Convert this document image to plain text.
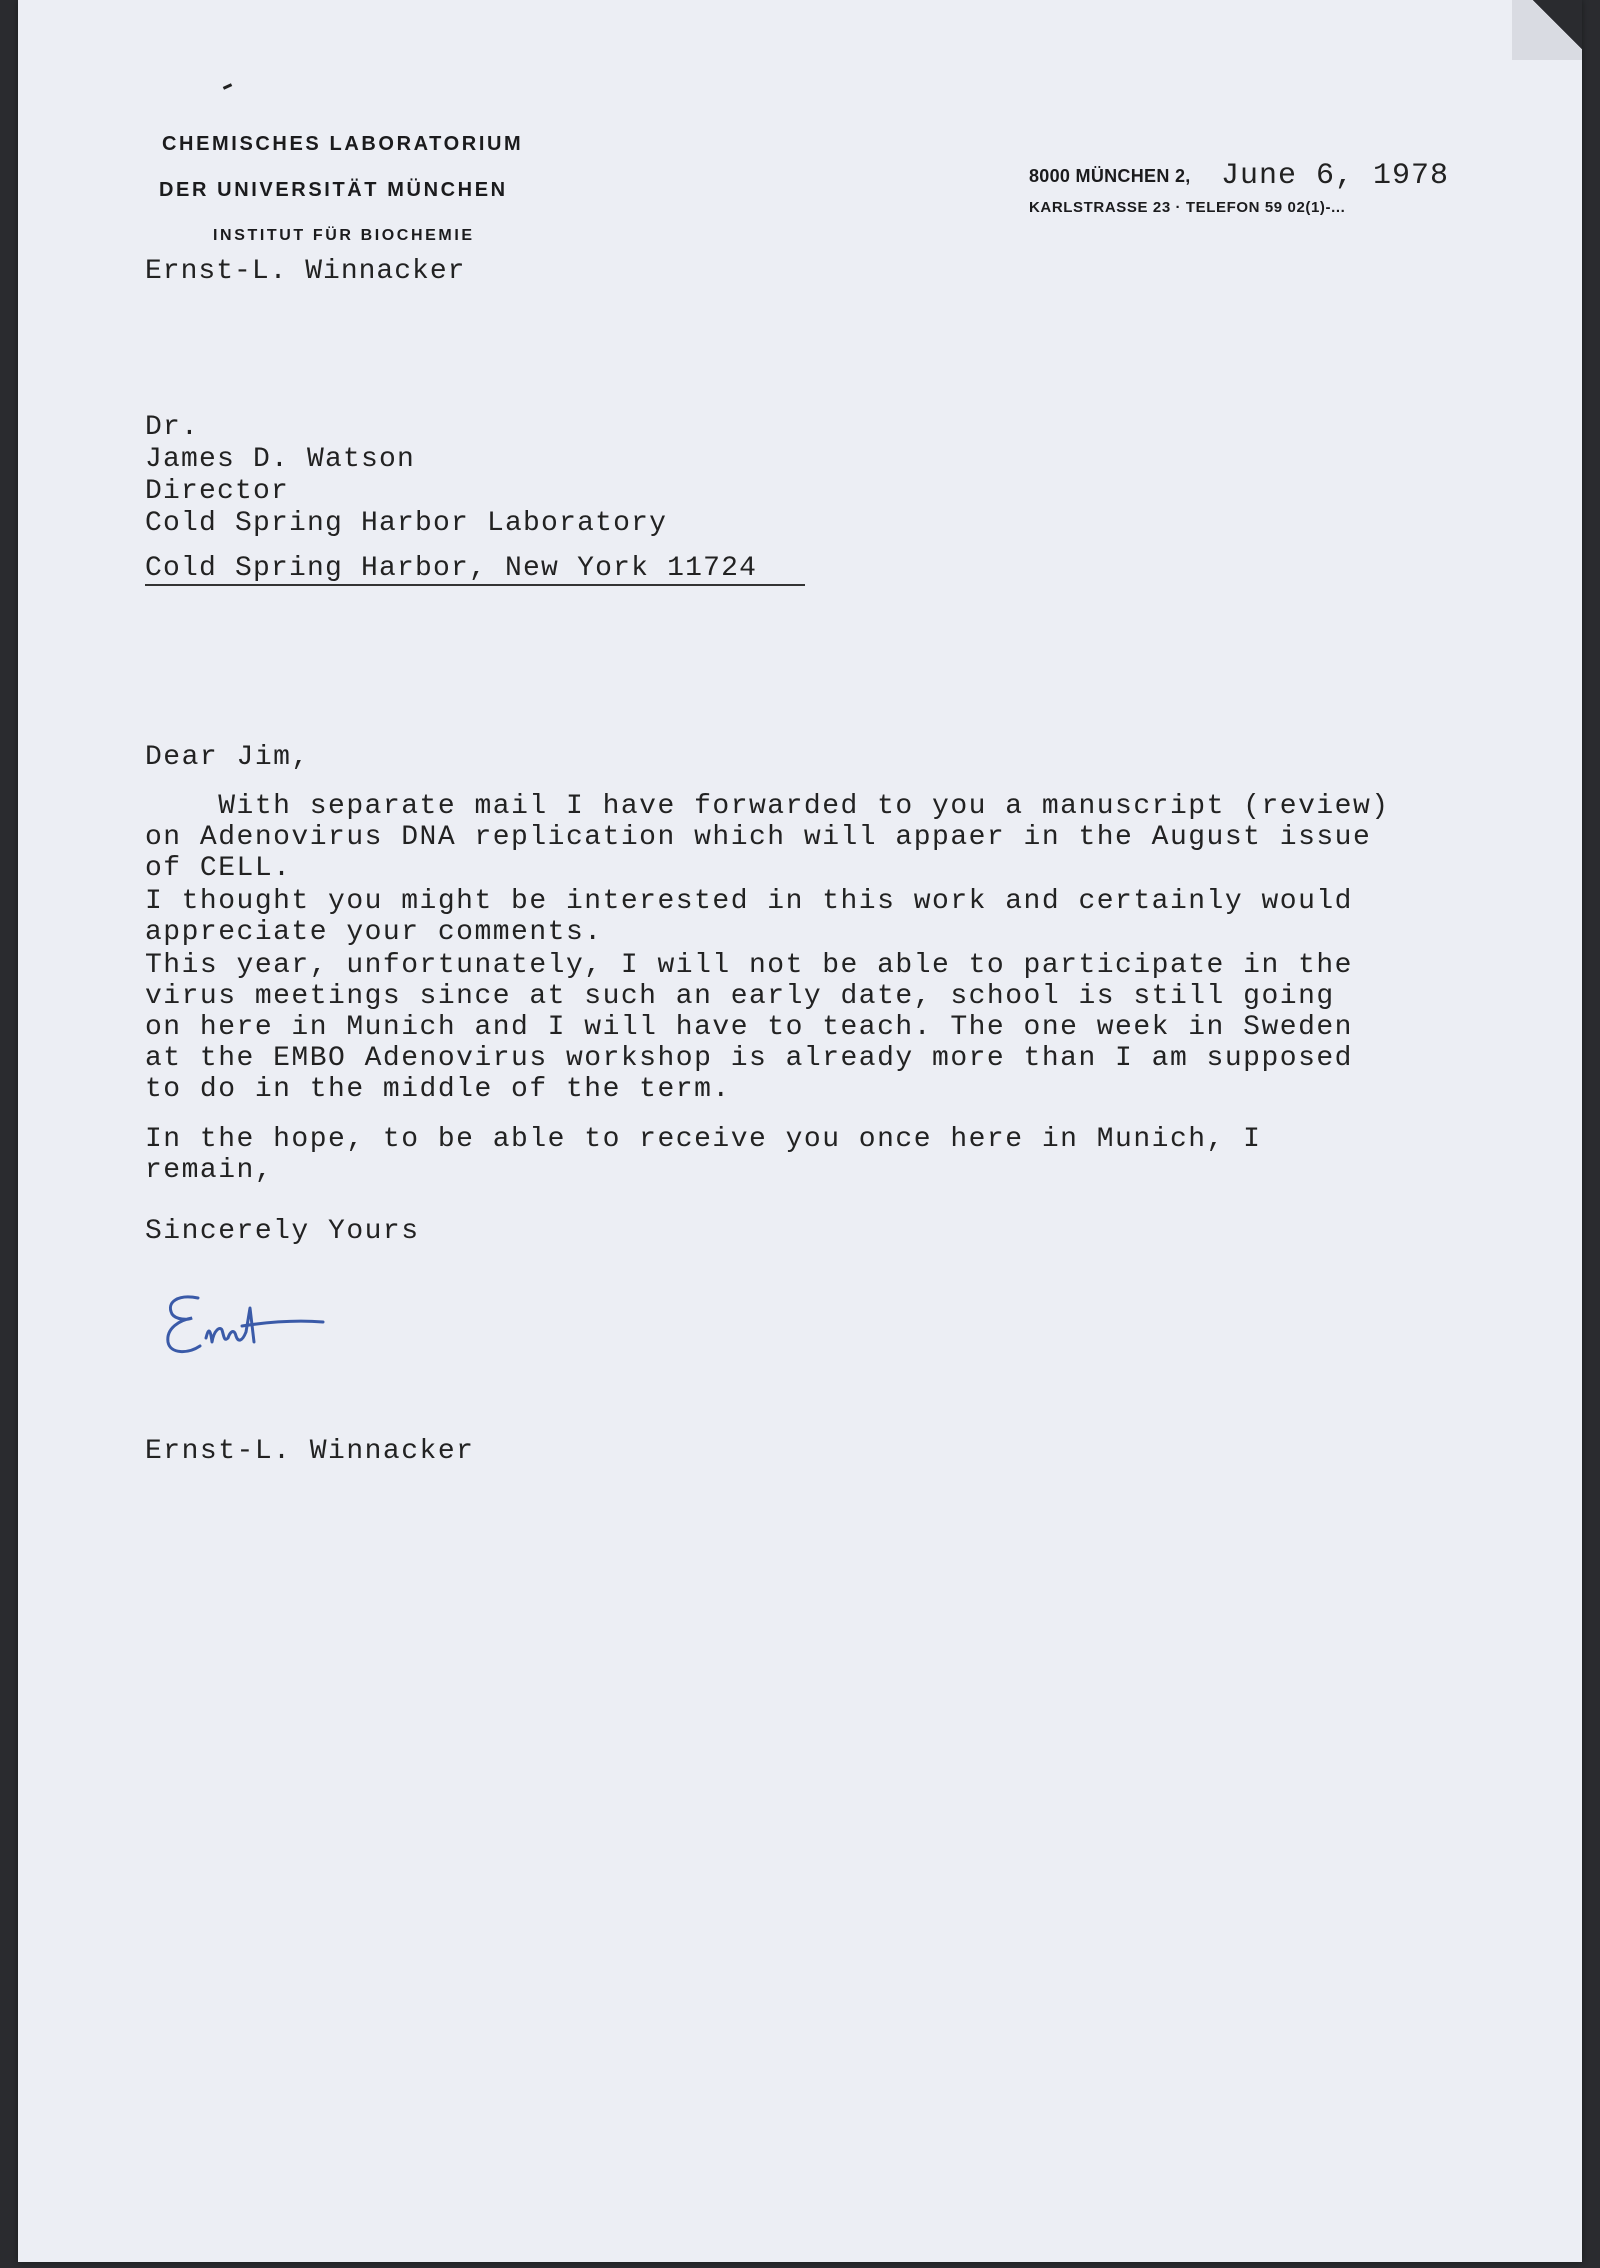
CHEMISCHES LABORATORIUM
DER UNIVERSITÄT MÜNCHEN
INSTITUT FÜR BIOCHEMIE
Ernst-L. Winnacker
8000 MÜNCHEN 2, June 6, 1978
KARLSTRASSE 23 · TELEFON 59 02(1)-...
Dr.
James D. Watson
Director
Cold Spring Harbor Laboratory
Cold Spring Harbor, New York 11724
Dear Jim,
With separate mail I have forwarded to you a manuscript (review)
on Adenovirus DNA replication which will appaer in the August issue
of CELL.
I thought you might be interested in this work and certainly would
appreciate your comments.
This year, unfortunately, I will not be able to participate in the
virus meetings since at such an early date, school is still going
on here in Munich and I will have to teach. The one week in Sweden
at the EMBO Adenovirus workshop is already more than I am supposed
to do in the middle of the term.
In the hope, to be able to receive you once here in Munich, I
remain,
Sincerely Yours
Ernst-L. Winnacker
